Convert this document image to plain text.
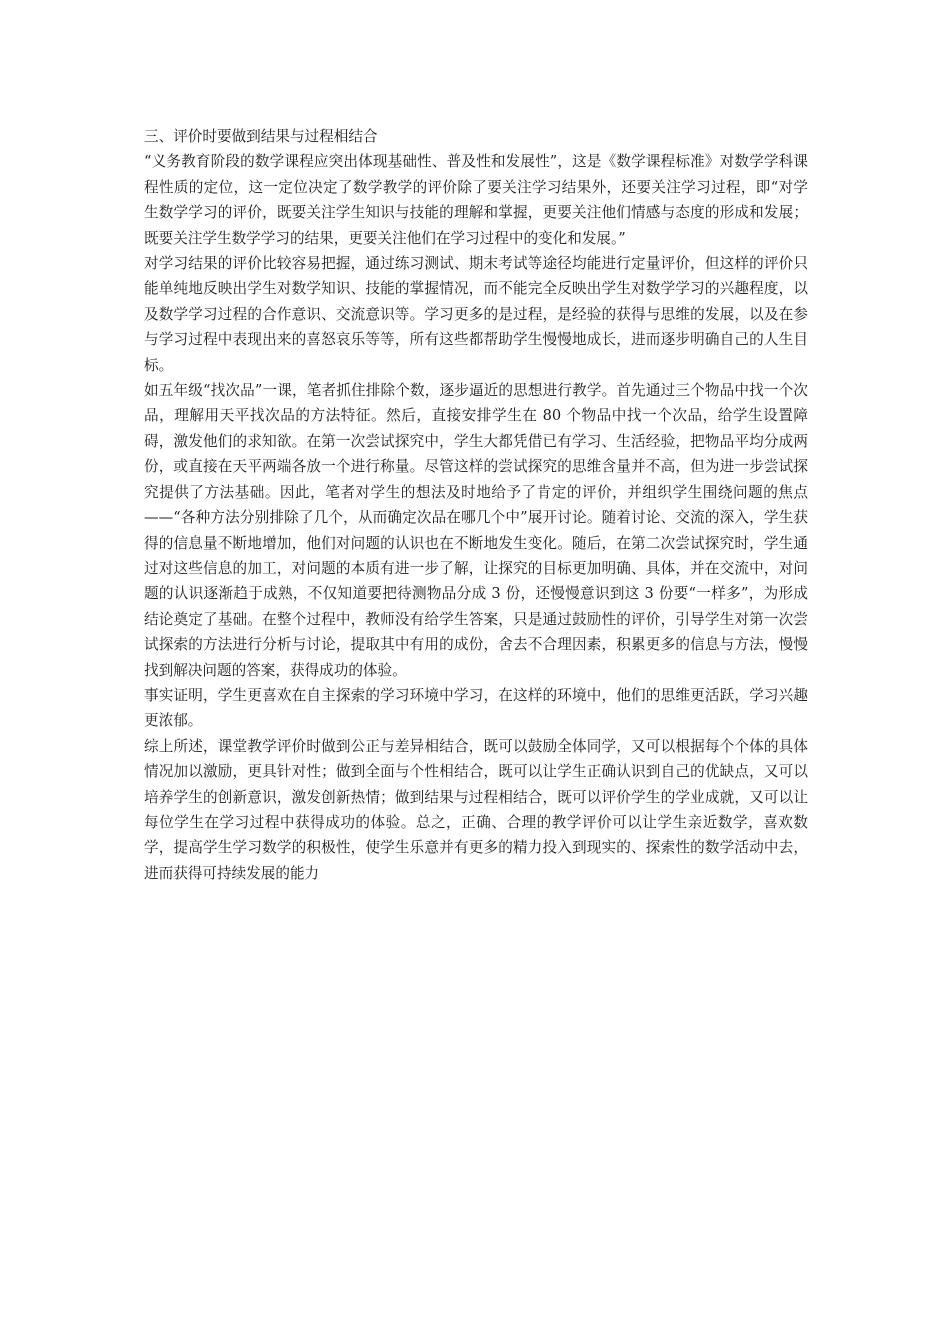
三、评价时要做到结果与过程相结合

“义务教育阶段的数学课程应突出体现基础性、普及性和发展性”，这是《数学课程标准》对数学学科课程性质的定位，这一定位决定了数学教学的评价除了要关注学习结果外，还要关注学习过程，即“对学生数学学习的评价，既要关注学生知识与技能的理解和掌握，更要关注他们情感与态度的形成和发展；既要关注学生数学学习的结果，更要关注他们在学习过程中的变化和发展。”

对学习结果的评价比较容易把握，通过练习测试、期末考试等途径均能进行定量评价，但这样的评价只能单纯地反映出学生对数学知识、技能的掌握情况，而不能完全反映出学生对数学学习的兴趣程度，以及数学学习过程的合作意识、交流意识等。学习更多的是过程，是经验的获得与思维的发展，以及在参与学习过程中表现出来的喜怒哀乐等等，所有这些都帮助学生慢慢地成长，进而逐步明确自己的人生目标。

如五年级“找次品”一课，笔者抓住排除个数，逐步逼近的思想进行教学。首先通过三个物品中找一个次品，理解用天平找次品的方法特征。然后，直接安排学生在 80 个物品中找一个次品，给学生设置障碍，激发他们的求知欲。在第一次尝试探究中，学生大都凭借已有学习、生活经验，把物品平均分成两份，或直接在天平两端各放一个进行称量。尽管这样的尝试探究的思维含量并不高，但为进一步尝试探究提供了方法基础。因此，笔者对学生的想法及时地给予了肯定的评价，并组织学生围绕问题的焦点——“各种方法分别排除了几个，从而确定次品在哪几个中”展开讨论。随着讨论、交流的深入，学生获得的信息量不断地增加，他们对问题的认识也在不断地发生变化。随后，在第二次尝试探究时，学生通过对这些信息的加工，对问题的本质有进一步了解，让探究的目标更加明确、具体，并在交流中，对问题的认识逐渐趋于成熟，不仅知道要把待测物品分成 3 份，还慢慢意识到这 3 份要“一样多”，为形成结论奠定了基础。在整个过程中，教师没有给学生答案，只是通过鼓励性的评价，引导学生对第一次尝试探索的方法进行分析与讨论，提取其中有用的成份，舍去不合理因素，积累更多的信息与方法，慢慢找到解决问题的答案，获得成功的体验。

事实证明，学生更喜欢在自主探索的学习环境中学习，在这样的环境中，他们的思维更活跃，学习兴趣更浓郁。

综上所述，课堂教学评价时做到公正与差异相结合，既可以鼓励全体同学，又可以根据每个个体的具体情况加以激励，更具针对性；做到全面与个性相结合，既可以让学生正确认识到自己的优缺点，又可以培养学生的创新意识，激发创新热情；做到结果与过程相结合，既可以评价学生的学业成就，又可以让每位学生在学习过程中获得成功的体验。总之，正确、合理的教学评价可以让学生亲近数学，喜欢数学，提高学生学习数学的积极性，使学生乐意并有更多的精力投入到现实的、探索性的数学活动中去，进而获得可持续发展的能力
